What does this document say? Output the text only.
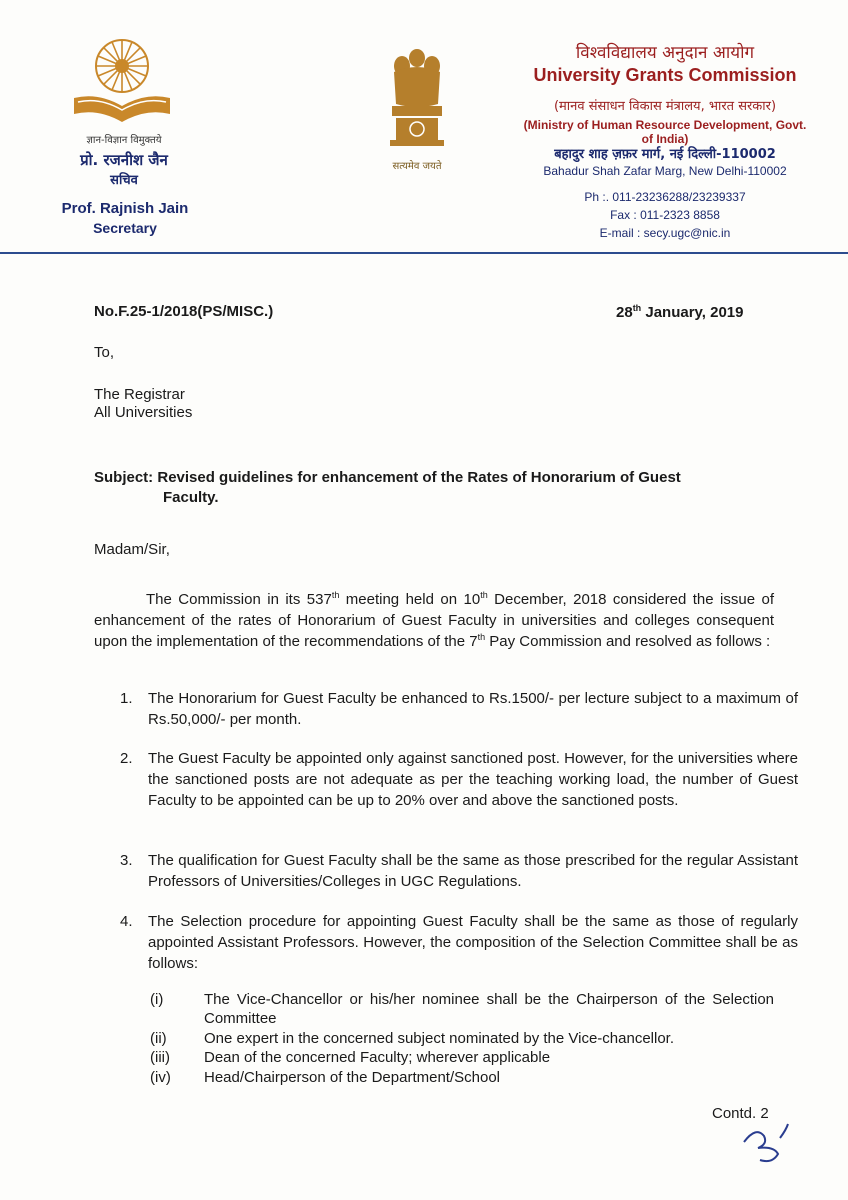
ज्ञान-विज्ञान विमुक्तये
प्रो. रजनीश जैन
सचिव
Prof. Rajnish Jain
Secretary
सत्यमेव जयते
विश्वविद्यालय अनुदान आयोग
University Grants Commission
(मानव संसाधन विकास मंत्रालय, भारत सरकार)
(Ministry of Human Resource Development, Govt. of India)
बहादुर शाह ज़फ़र मार्ग, नई दिल्ली-110002
Bahadur Shah Zafar Marg, New Delhi-110002
Ph :. 011-23236288/23239337
Fax : 011-2323 8858
E-mail : secy.ugc@nic.in
No.F.25-1/2018(PS/MISC.)	28th January, 2019
To,
The Registrar
All Universities
Subject: Revised guidelines for enhancement of the Rates of Honorarium of Guest
Faculty.
Madam/Sir,
The Commission in its 537th meeting held on 10th December, 2018 considered the issue of enhancement of the rates of Honorarium of Guest Faculty in universities and colleges consequent upon the implementation of the recommendations of the 7th Pay Commission and resolved as follows :
1. The Honorarium for Guest Faculty be enhanced to Rs.1500/- per lecture subject to a maximum of Rs.50,000/- per month.
2. The Guest Faculty be appointed only against sanctioned post. However, for the universities where the sanctioned posts are not adequate as per the teaching working load, the number of Guest Faculty to be appointed can be up to 20% over and above the sanctioned posts.
3. The qualification for Guest Faculty shall be the same as those prescribed for the regular Assistant Professors of Universities/Colleges in UGC Regulations.
4. The Selection procedure for appointing Guest Faculty shall be the same as those of regularly appointed Assistant Professors. However, the composition of the Selection Committee shall be as follows:
(i)	The Vice-Chancellor or his/her nominee shall be the Chairperson of the Selection Committee
(ii) One expert in the concerned subject nominated by the Vice-chancellor.
(iii) Dean of the concerned Faculty; wherever applicable
(iv) Head/Chairperson of the Department/School
Contd. 2
